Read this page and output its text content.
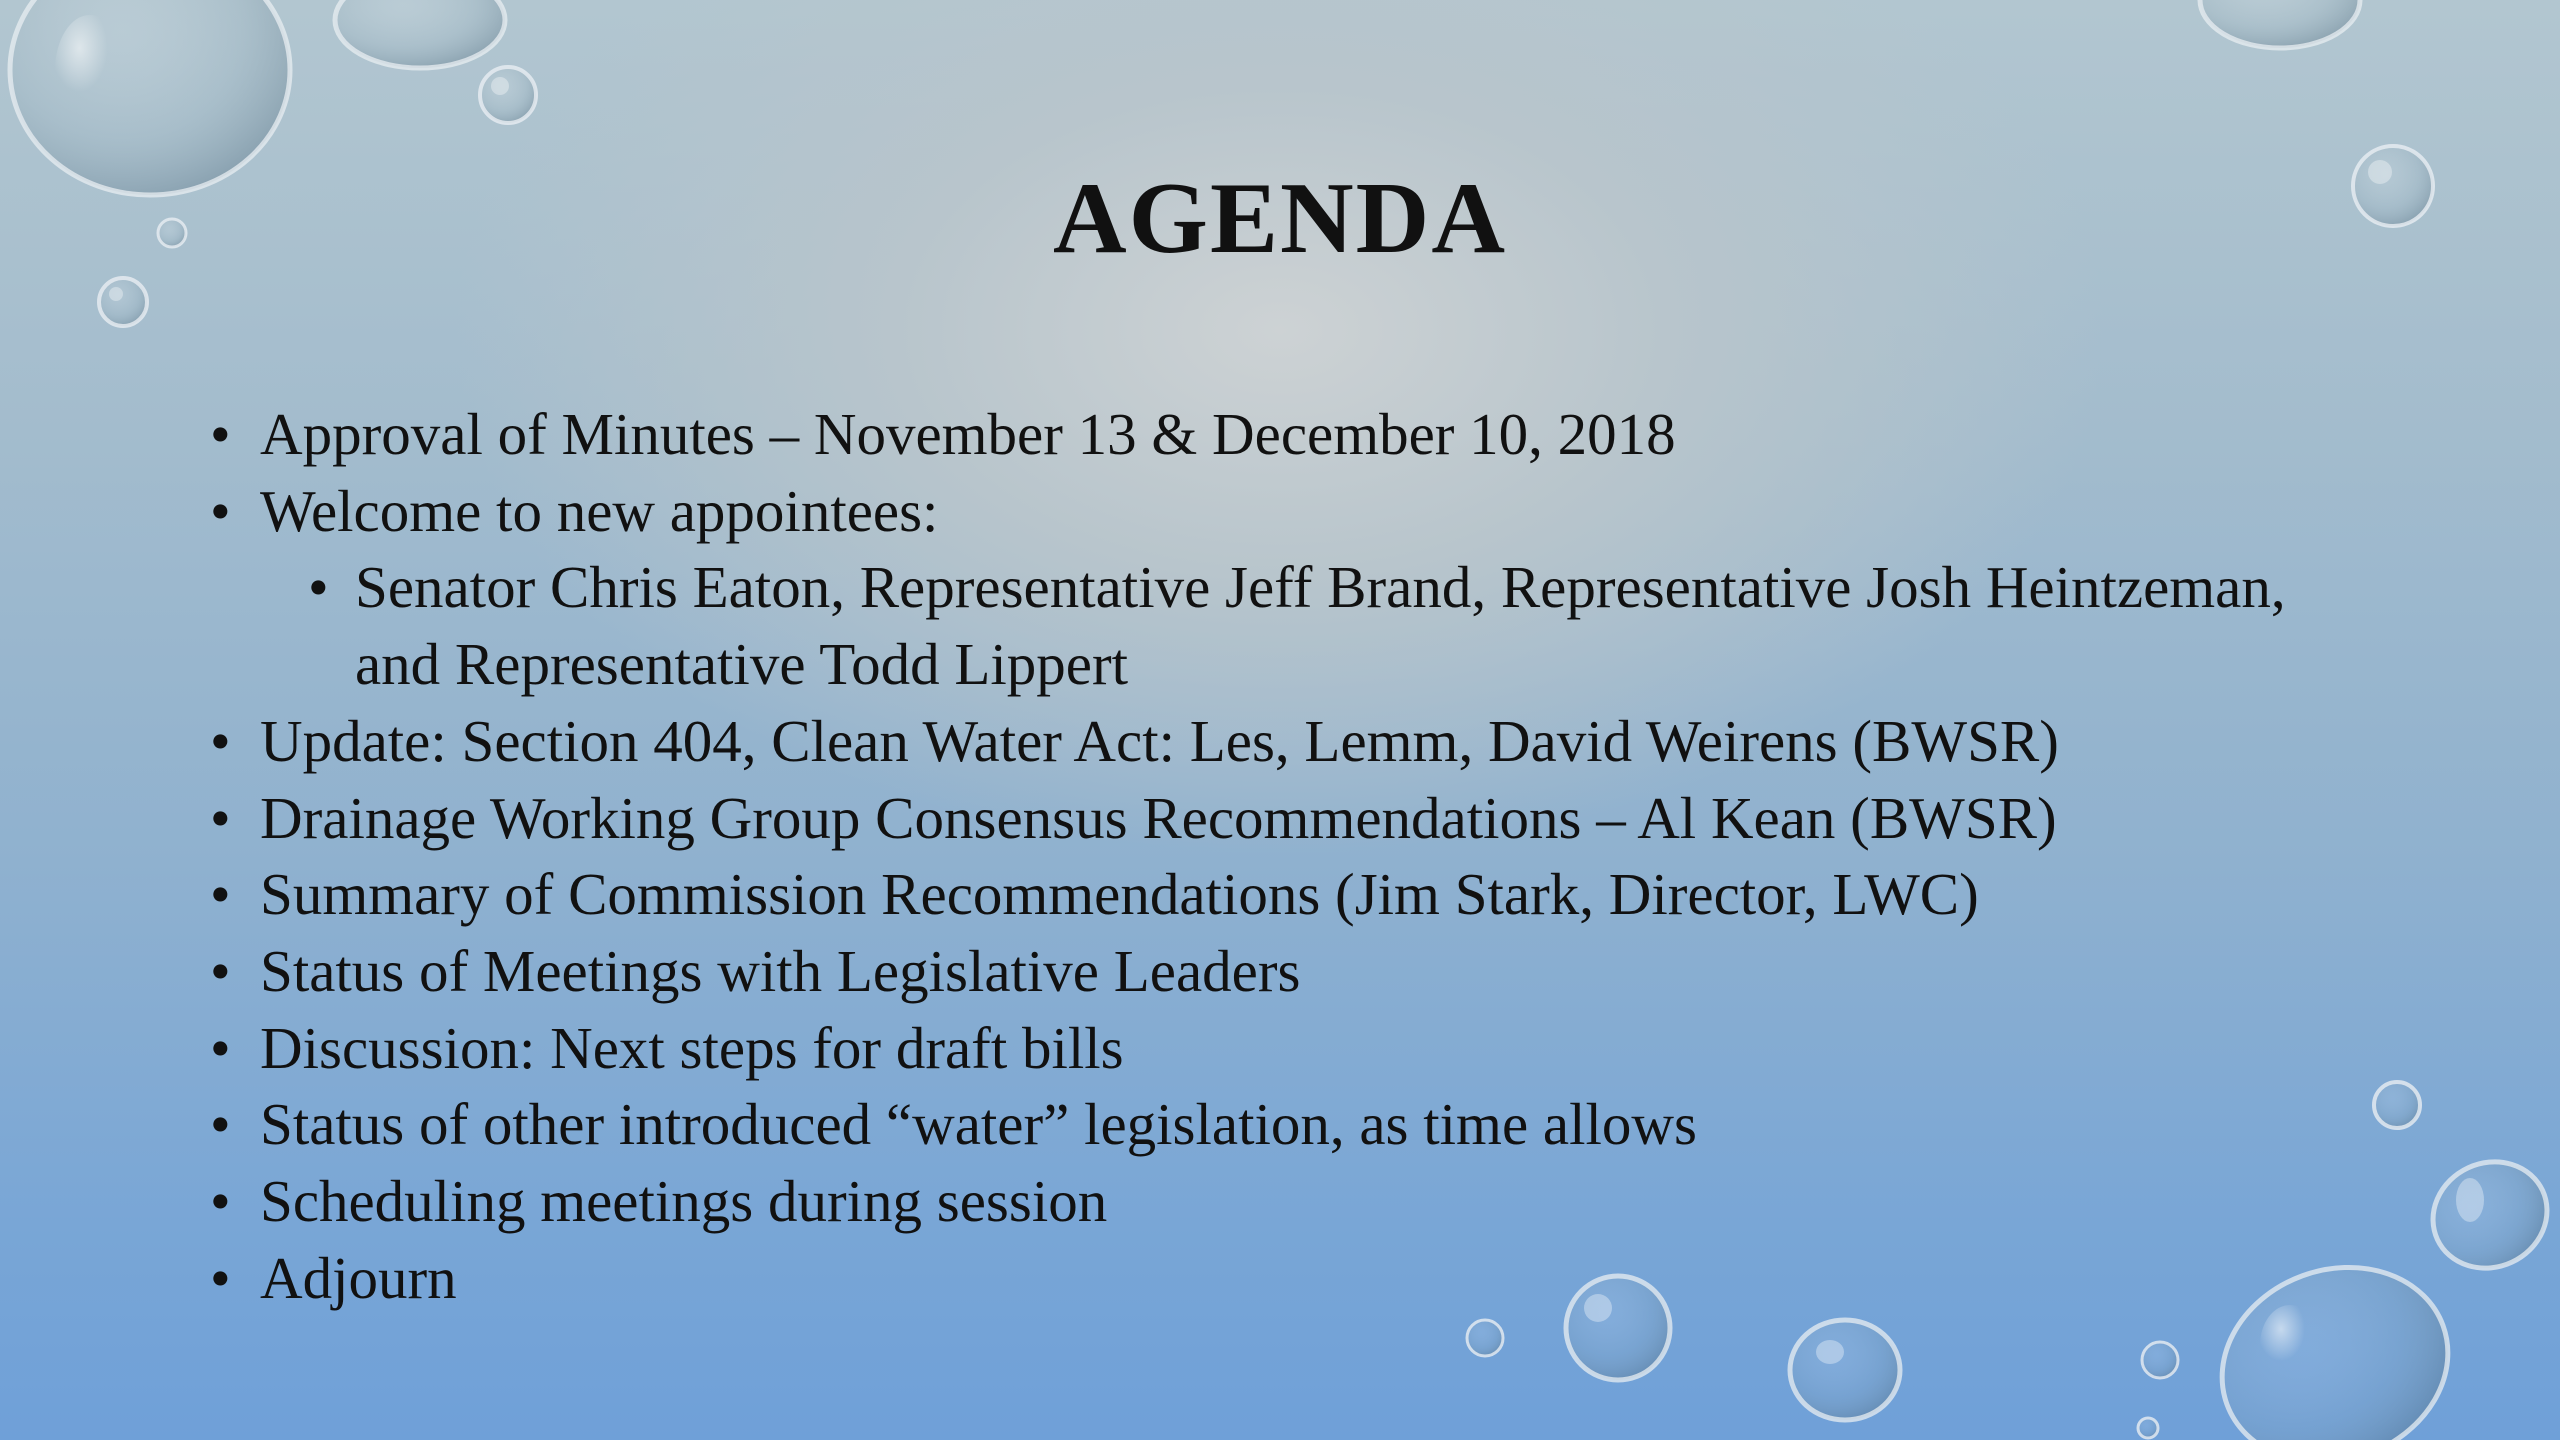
AGENDA
• Approval of Minutes – November 13 & December 10, 2018
• Welcome to new appointees:
• Senator Chris Eaton, Representative Jeff Brand, Representative Josh Heintzeman, and Representative Todd Lippert
• Update: Section 404, Clean Water Act: Les, Lemm, David Weirens (BWSR)
• Drainage Working Group Consensus Recommendations – Al Kean (BWSR)
• Summary of Commission Recommendations (Jim Stark, Director, LWC)
• Status of Meetings with Legislative Leaders
• Discussion: Next steps for draft bills
• Status of other introduced “water” legislation, as time allows
• Scheduling meetings during session
• Adjourn
